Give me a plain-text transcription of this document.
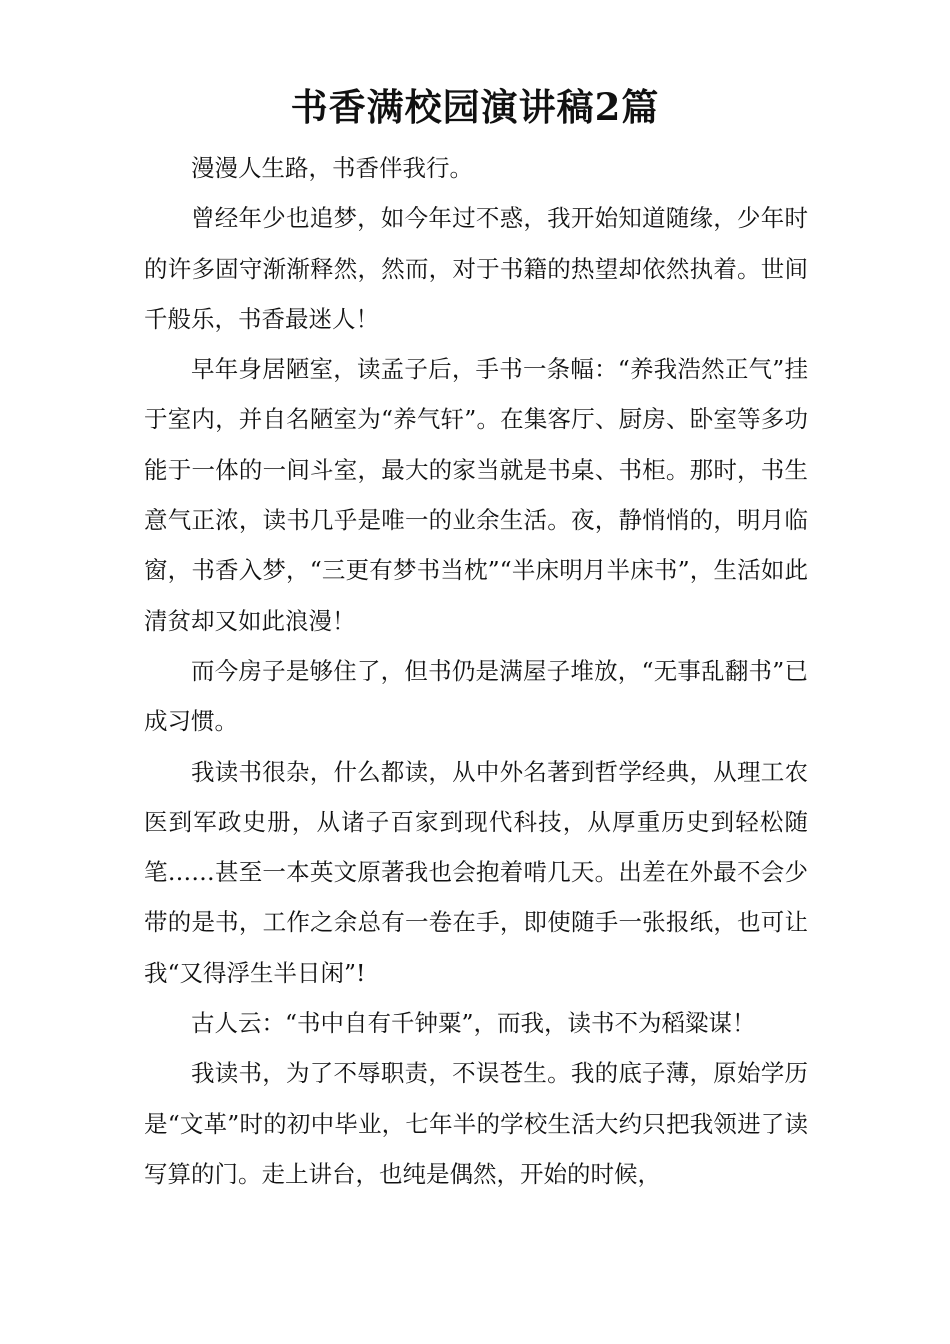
书香满校园演讲稿2篇

漫漫人生路，书香伴我行。

曾经年少也追梦，如今年过不惑，我开始知道随缘，少年时的许多固守渐渐释然，然而，对于书籍的热望却依然执着。世间千般乐，书香最迷人！

早年身居陋室，读孟子后，手书一条幅：“养我浩然正气”挂于室内，并自名陋室为“养气轩”。在集客厅、厨房、卧室等多功能于一体的一间斗室，最大的家当就是书桌、书柜。那时，书生意气正浓，读书几乎是唯一的业余生活。夜，静悄悄的，明月临窗，书香入梦，“三更有梦书当枕”“半床明月半床书”，生活如此清贫却又如此浪漫！

而今房子是够住了，但书仍是满屋子堆放，“无事乱翻书”已成习惯。

我读书很杂，什么都读，从中外名著到哲学经典，从理工农医到军政史册，从诸子百家到现代科技，从厚重历史到轻松随笔……甚至一本英文原著我也会抱着啃几天。出差在外最不会少带的是书，工作之余总有一卷在手，即使随手一张报纸，也可让我“又得浮生半日闲”!

古人云：“书中自有千钟粟”，而我，读书不为稻粱谋！

我读书，为了不辱职责，不误苍生。我的底子薄，原始学历是“文革”时的初中毕业，七年半的学校生活大约只把我领进了读写算的门。走上讲台，也纯是偶然，开始的时候，
